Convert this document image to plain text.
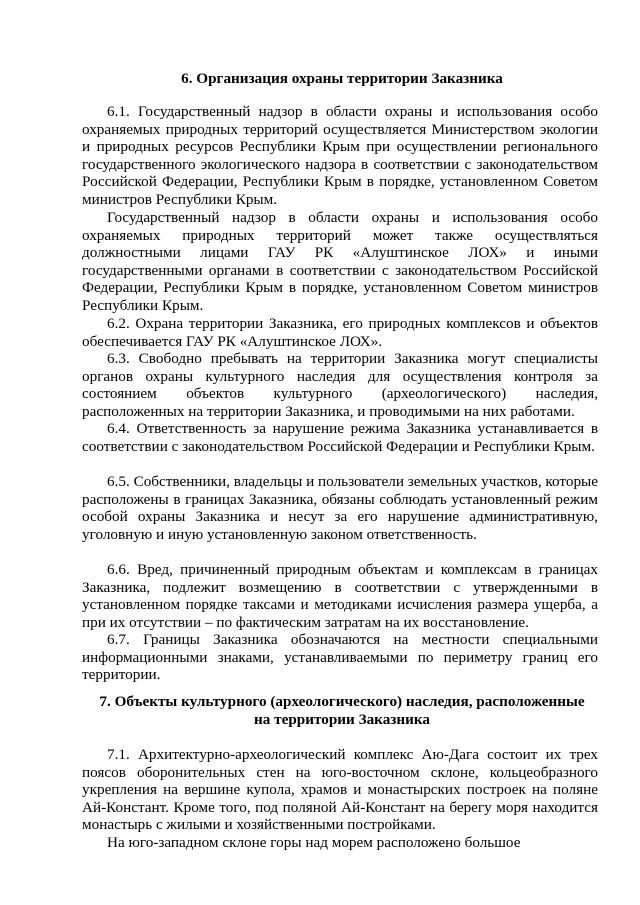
6. Организация охраны территории Заказника

6.1. Государственный надзор в области охраны и использования особо охраняемых природных территорий осуществляется Министерством экологии и природных ресурсов Республики Крым при осуществлении регионального государственного экологического надзора в соответствии с законодательством Российской Федерации, Республики Крым в порядке, установленном Советом министров Республики Крым.

Государственный надзор в области охраны и использования особо охраняемых природных территорий может также осуществляться должностными лицами ГАУ РК «Алуштинское ЛОХ» и иными государственными органами в соответствии с законодательством Российской Федерации, Республики Крым в порядке, установленном Советом министров Республики Крым.

6.2. Охрана территории Заказника, его природных комплексов и объектов обеспечивается ГАУ РК «Алуштинское ЛОХ».

6.3. Свободно пребывать на территории Заказника могут специалисты органов охраны культурного наследия для осуществления контроля за состоянием объектов культурного (археологического) наследия, расположенных на территории Заказника, и проводимыми на них работами.

6.4. Ответственность за нарушение режима Заказника устанавливается в соответствии с законодательством Российской Федерации и Республики Крым.

6.5. Собственники, владельцы и пользователи земельных участков, которые расположены в границах Заказника, обязаны соблюдать установленный режим особой охраны Заказника и несут за его нарушение административную, уголовную и иную установленную законом ответственность.

6.6. Вред, причиненный природным объектам и комплексам в границах Заказника, подлежит возмещению в соответствии с утвержденными в установленном порядке таксами и методиками исчисления размера ущерба, а при их отсутствии – по фактическим затратам на их восстановление.

6.7. Границы Заказника обозначаются на местности специальными информационными знаками, устанавливаемыми по периметру границ его территории.

7. Объекты культурного (археологического) наследия, расположенные
на территории Заказника

7.1. Архитектурно-археологический комплекс Аю-Дага состоит их трех поясов оборонительных стен на юго-восточном склоне, кольцеобразного укрепления на вершине купола, храмов и монастырских построек на поляне Ай-Констант. Кроме того, под поляной Ай-Констант на берегу моря находится монастырь с жилыми и хозяйственными постройками.

На юго-западном склоне горы над морем расположено большое
